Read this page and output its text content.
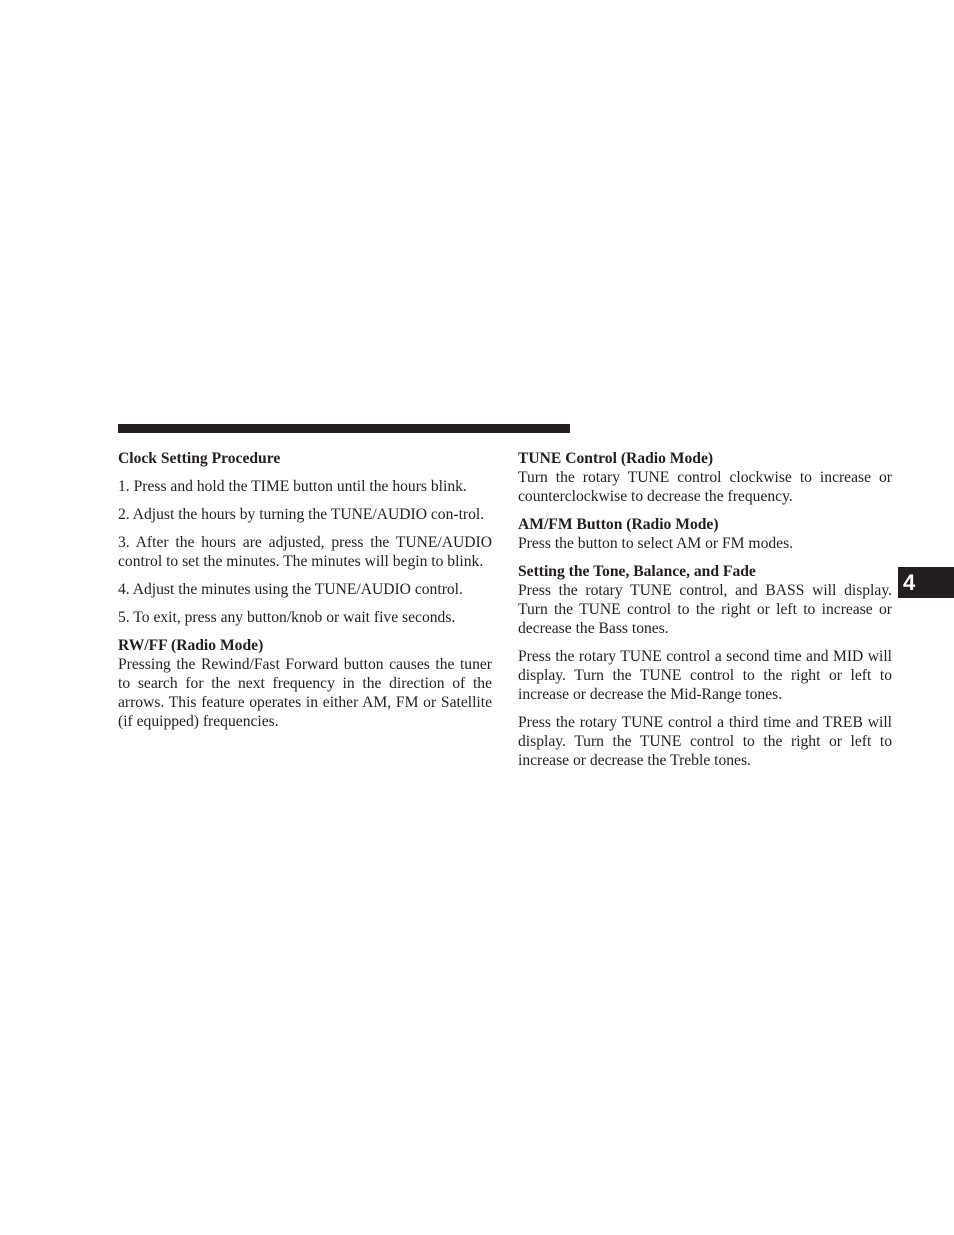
Clock Setting Procedure

1. Press and hold the TIME button until the hours blink.

2. Adjust the hours by turning the TUNE/AUDIO con-trol.

3. After the hours are adjusted, press the TUNE/AUDIO control to set the minutes. The minutes will begin to blink.

4. Adjust the minutes using the TUNE/AUDIO control.

5. To exit, press any button/knob or wait five seconds.

RW/FF (Radio Mode)

Pressing the Rewind/Fast Forward button causes the tuner to search for the next frequency in the direction of the arrows. This feature operates in either AM, FM or Satellite (if equipped) frequencies.

TUNE Control (Radio Mode)

Turn the rotary TUNE control clockwise to increase or counterclockwise to decrease the frequency.

AM/FM Button (Radio Mode)

Press the button to select AM or FM modes.

Setting the Tone, Balance, and Fade

Press the rotary TUNE control, and BASS will display. Turn the TUNE control to the right or left to increase or decrease the Bass tones.

Press the rotary TUNE control a second time and MID will display. Turn the TUNE control to the right or left to increase or decrease the Mid-Range tones.

Press the rotary TUNE control a third time and TREB will display. Turn the TUNE control to the right or left to increase or decrease the Treble tones.

4
